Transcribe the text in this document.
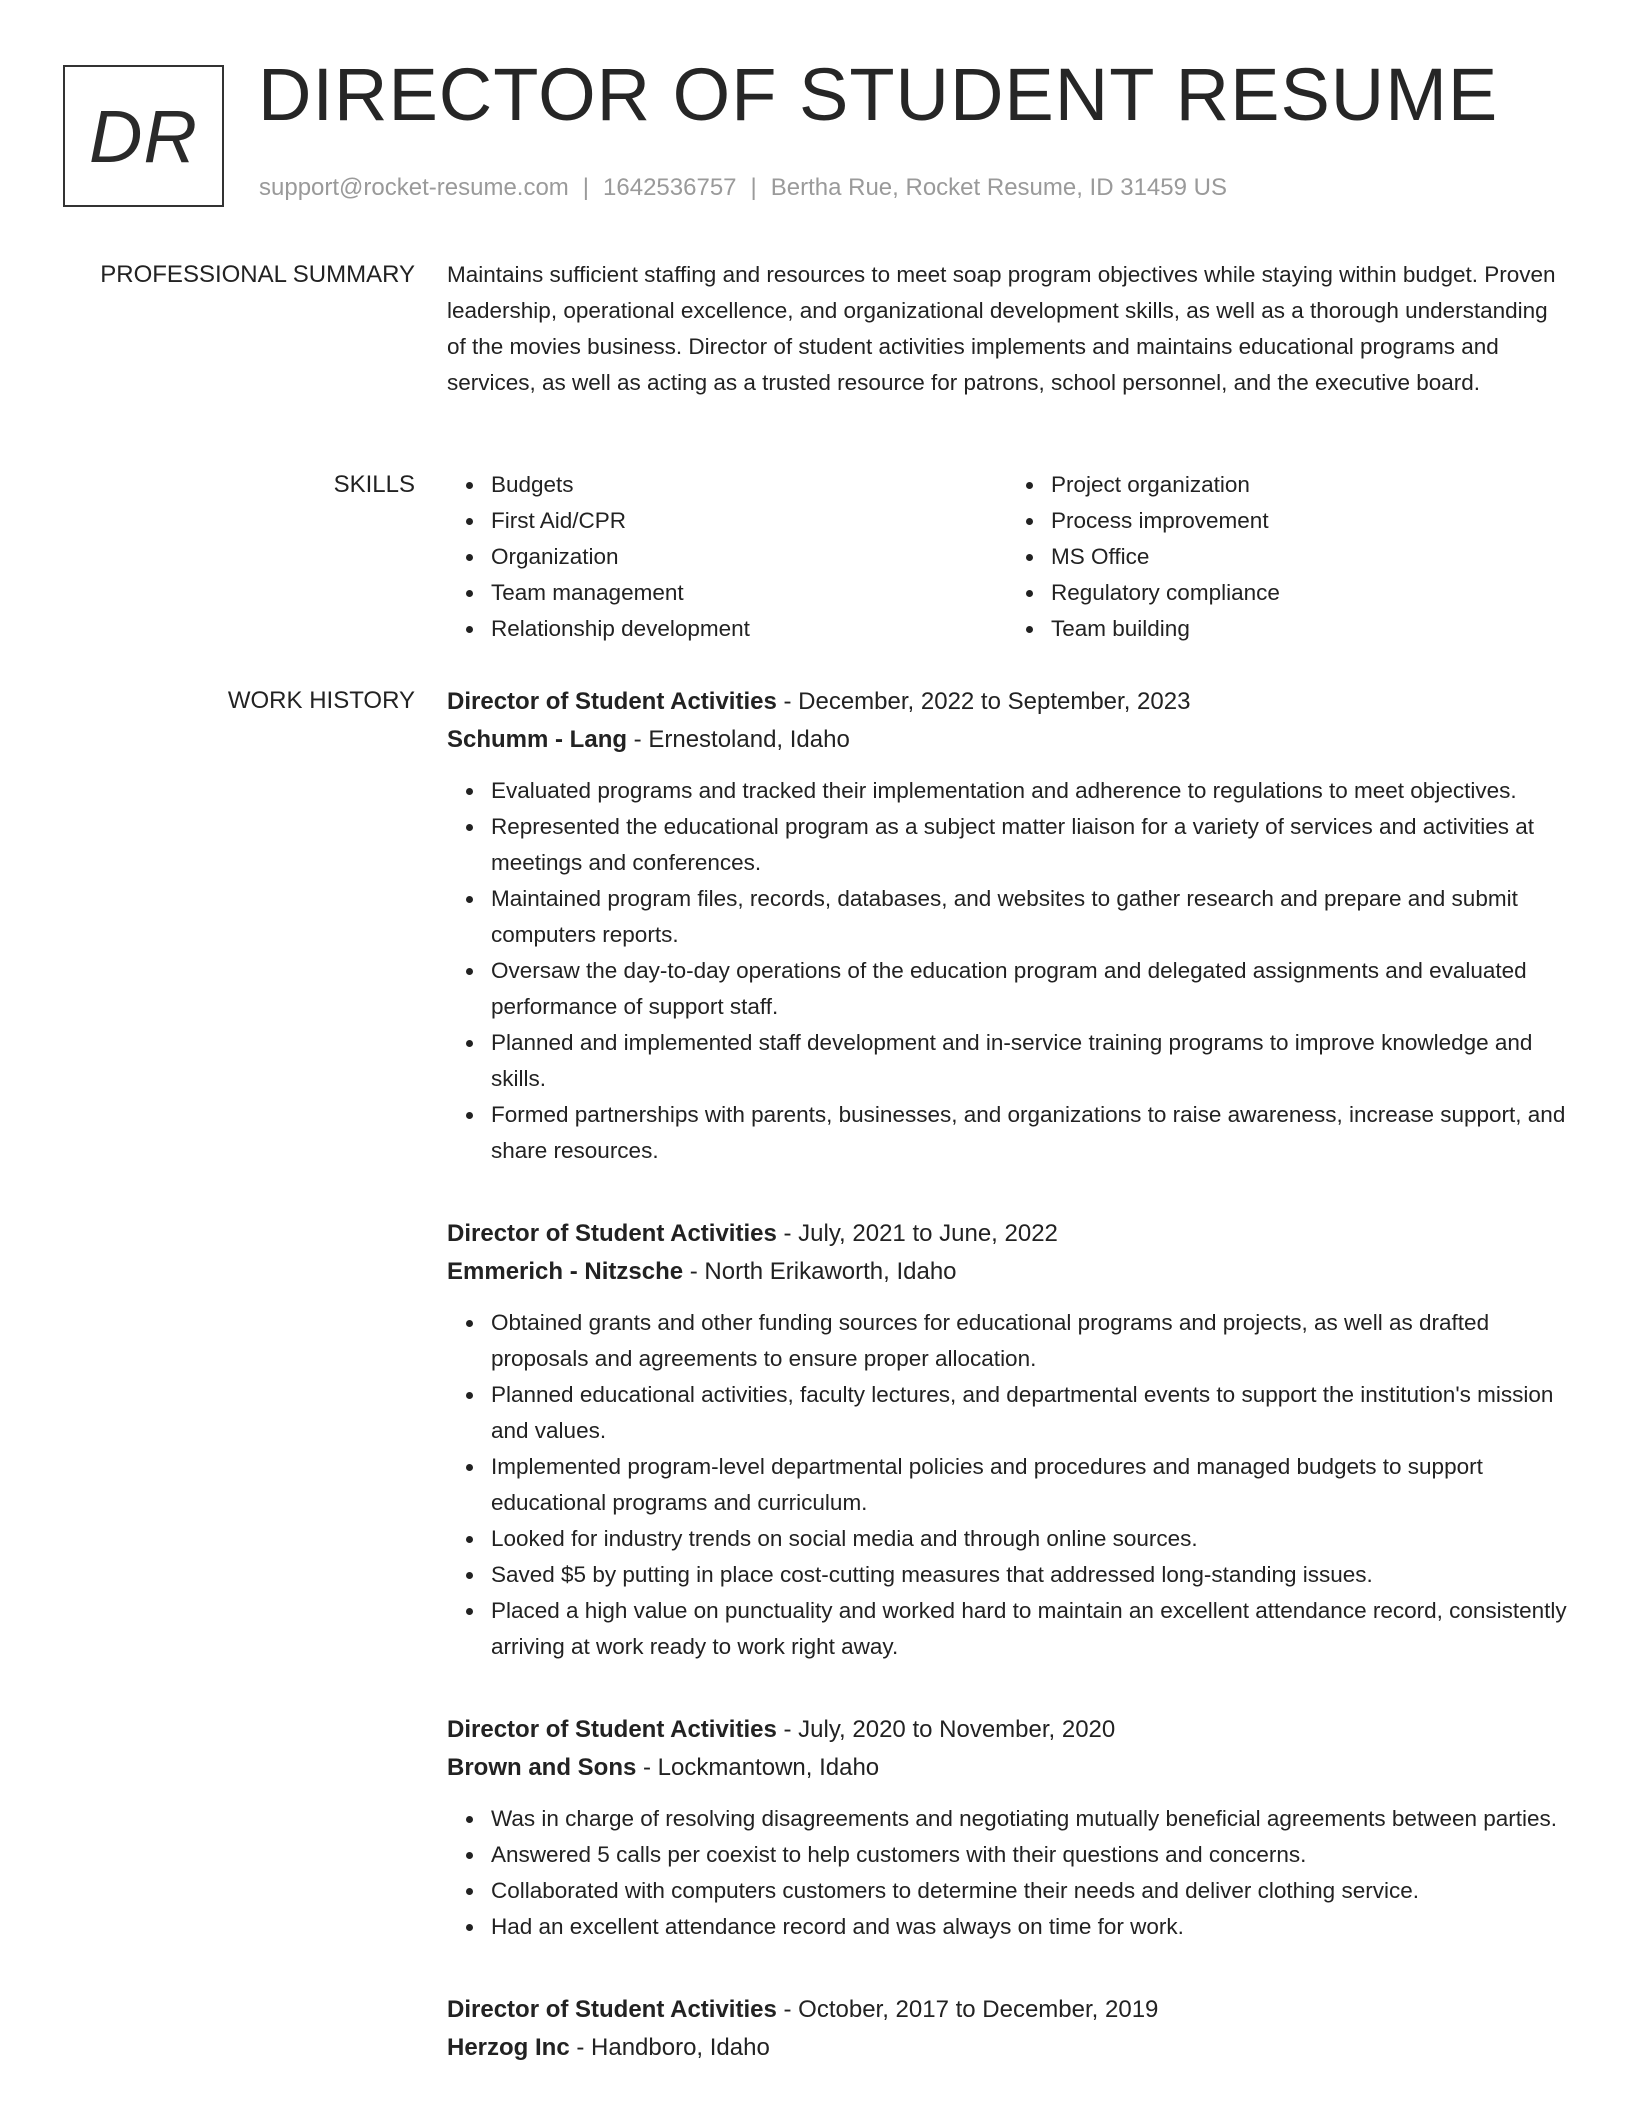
DR DIRECTOR OF STUDENT RESUME
support@rocket-resume.com | 1642536757 | Bertha Rue, Rocket Resume, ID 31459 US
PROFESSIONAL SUMMARY Maintains sufficient staffing and resources to meet soap program objectives while staying within budget. Proven leadership, operational excellence, and organizational development skills, as well as a thorough understanding of the movies business. Director of student activities implements and maintains educational programs and services, as well as acting as a trusted resource for patrons, school personnel, and the executive board.
SKILLS	Budgets
First Aid/CPR
Organization
Team management
Relationship development
Project organization
Process improvement
MS Office
Regulatory compliance
Team building
WORK HISTORY Director of Student Activities - December, 2022 to September, 2023
Schumm - Lang - Ernestoland, Idaho
Evaluated programs and tracked their implementation and adherence to regulations to meet objectives.
Represented the educational program as a subject matter liaison for a variety of services and activities at meetings and conferences.
Maintained program files, records, databases, and websites to gather research and prepare and submit computers reports.
Oversaw the day-to-day operations of the education program and delegated assignments and evaluated performance of support staff.
Planned and implemented staff development and in-service training programs to improve knowledge and skills.
Formed partnerships with parents, businesses, and organizations to raise awareness, increase support, and share resources.
Director of Student Activities - July, 2021 to June, 2022
Emmerich - Nitzsche - North Erikaworth, Idaho
Obtained grants and other funding sources for educational programs and projects, as well as drafted proposals and agreements to ensure proper allocation.
Planned educational activities, faculty lectures, and departmental events to support the institution's mission and values.
Implemented program-level departmental policies and procedures and managed budgets to support educational programs and curriculum.
Looked for industry trends on social media and through online sources.
Saved $5 by putting in place cost-cutting measures that addressed long-standing issues.
Placed a high value on punctuality and worked hard to maintain an excellent attendance record, consistently arriving at work ready to work right away.
Director of Student Activities - July, 2020 to November, 2020
Brown and Sons - Lockmantown, Idaho
Was in charge of resolving disagreements and negotiating mutually beneficial agreements between parties.
Answered 5 calls per coexist to help customers with their questions and concerns.
Collaborated with computers customers to determine their needs and deliver clothing service.
Had an excellent attendance record and was always on time for work.
Director of Student Activities - October, 2017 to December, 2019
Herzog Inc - Handboro, Idaho
